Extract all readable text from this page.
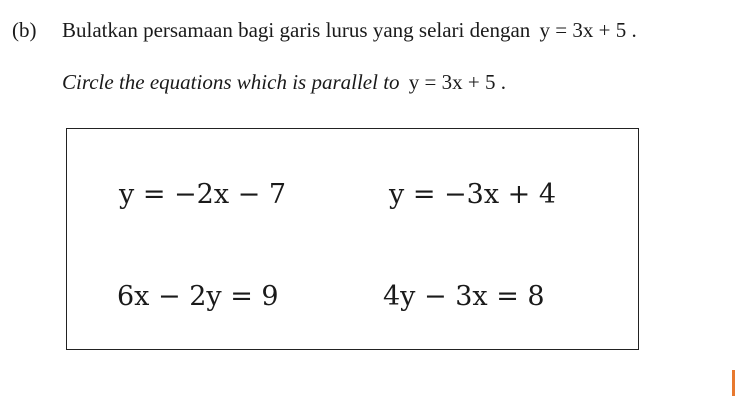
(b) Bulatkan persamaan bagi garis lurus yang selari dengan y = 3x + 5 .
Circle the equations which is parallel to y = 3x + 5 .
y = −2x − 7	y = −3x + 4
6x − 2y = 9	4y − 3x = 8
